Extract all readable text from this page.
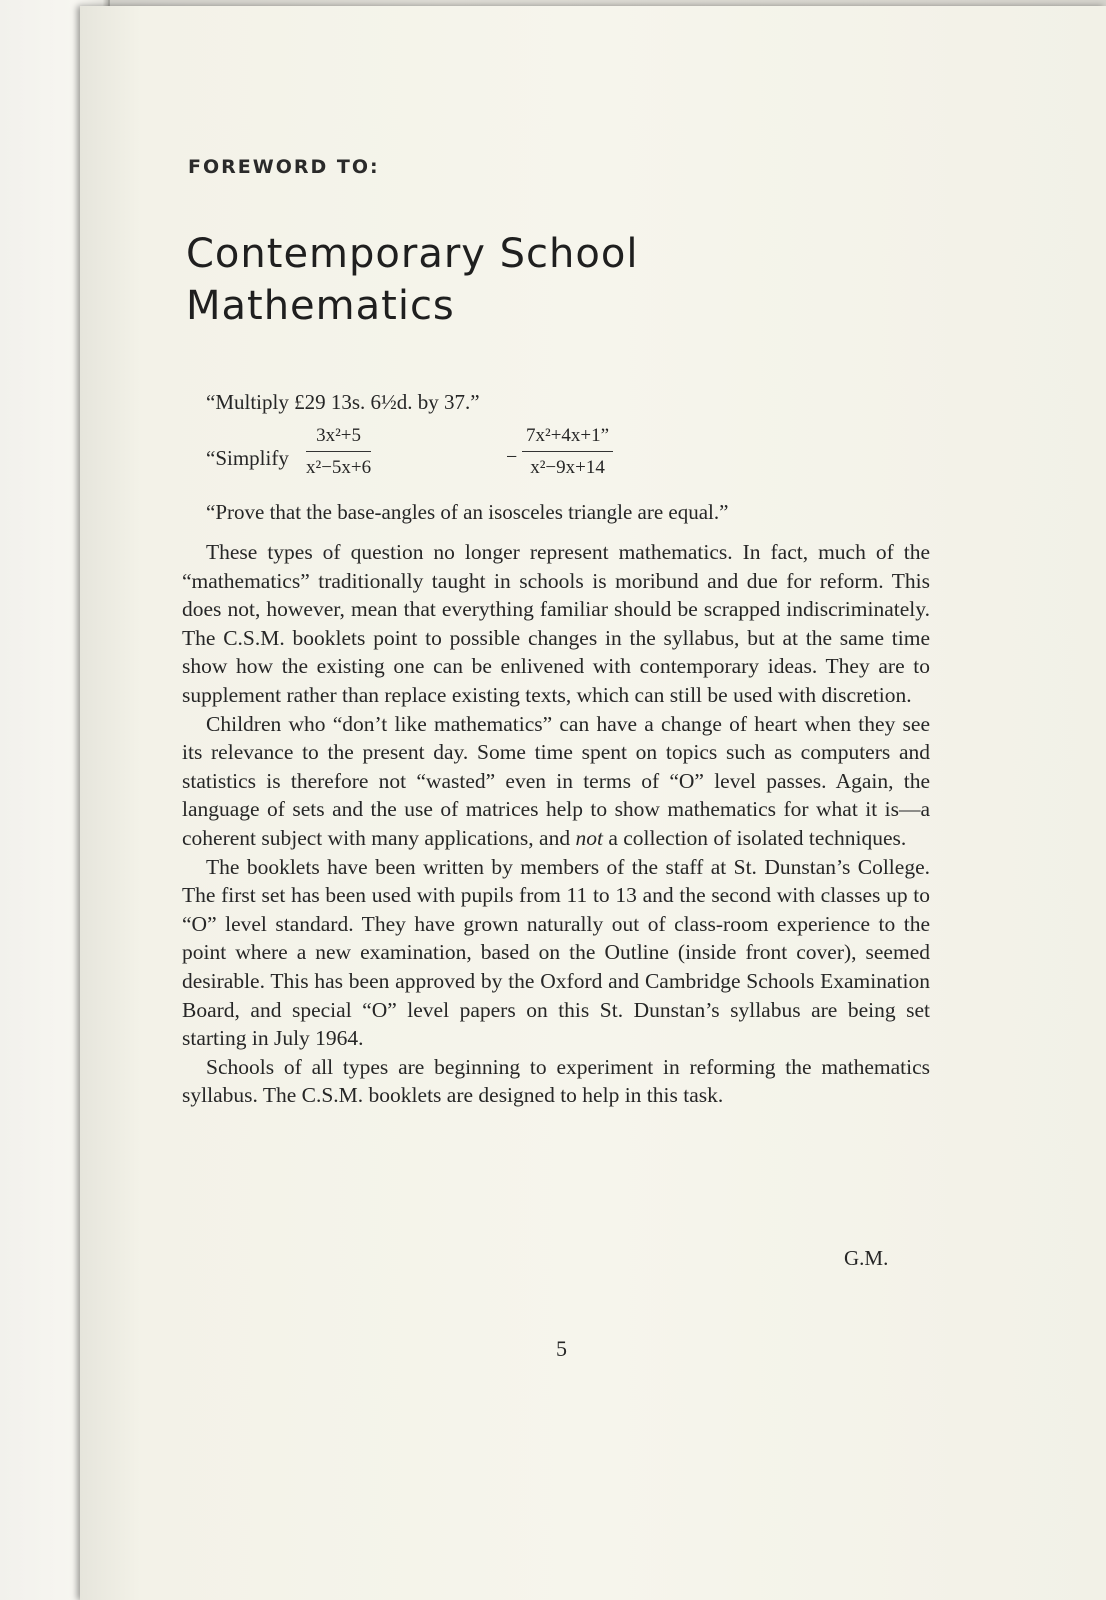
FOREWORD TO:
Contemporary School
Mathematics
“Multiply £29 13s. 6½d. by 37.”
“Simplify $\frac{\text{3x²+5}}{\text{x²−5x+6}}$	− $\frac{\text{7x²+4x+1”}}{\text{x²−9x+14}}$
“Prove that the base-angles of an isosceles triangle are equal.”

These types of question no longer represent mathematics. In fact, much of the “mathematics” traditionally taught in schools is moribund and due for reform. This does not, however, mean that everything familiar should be scrapped indiscriminately. The C.S.M. booklets point to possible changes in the syllabus, but at the same time show how the existing one can be enlivened with contemporary ideas. They are to supplement rather than replace existing texts, which can still be used with discretion.

Children who “don’t like mathematics” can have a change of heart when they see its relevance to the present day. Some time spent on topics such as computers and statistics is therefore not “wasted” even in terms of “O” level passes. Again, the language of sets and the use of matrices help to show mathematics for what it is—a coherent subject with many applications, and not a collection of isolated techniques.

The booklets have been written by members of the staff at St. Dunstan’s College. The first set has been used with pupils from 11 to 13 and the second with classes up to “O” level standard. They have grown naturally out of class-room experience to the point where a new examination, based on the Outline (inside front cover), seemed desirable. This has been approved by the Oxford and Cambridge Schools Examination Board, and special “O” level papers on this St. Dunstan’s syllabus are being set starting in July 1964.

Schools of all types are beginning to experiment in reforming the mathematics syllabus. The C.S.M. booklets are designed to help in this task.

G.M.
5
